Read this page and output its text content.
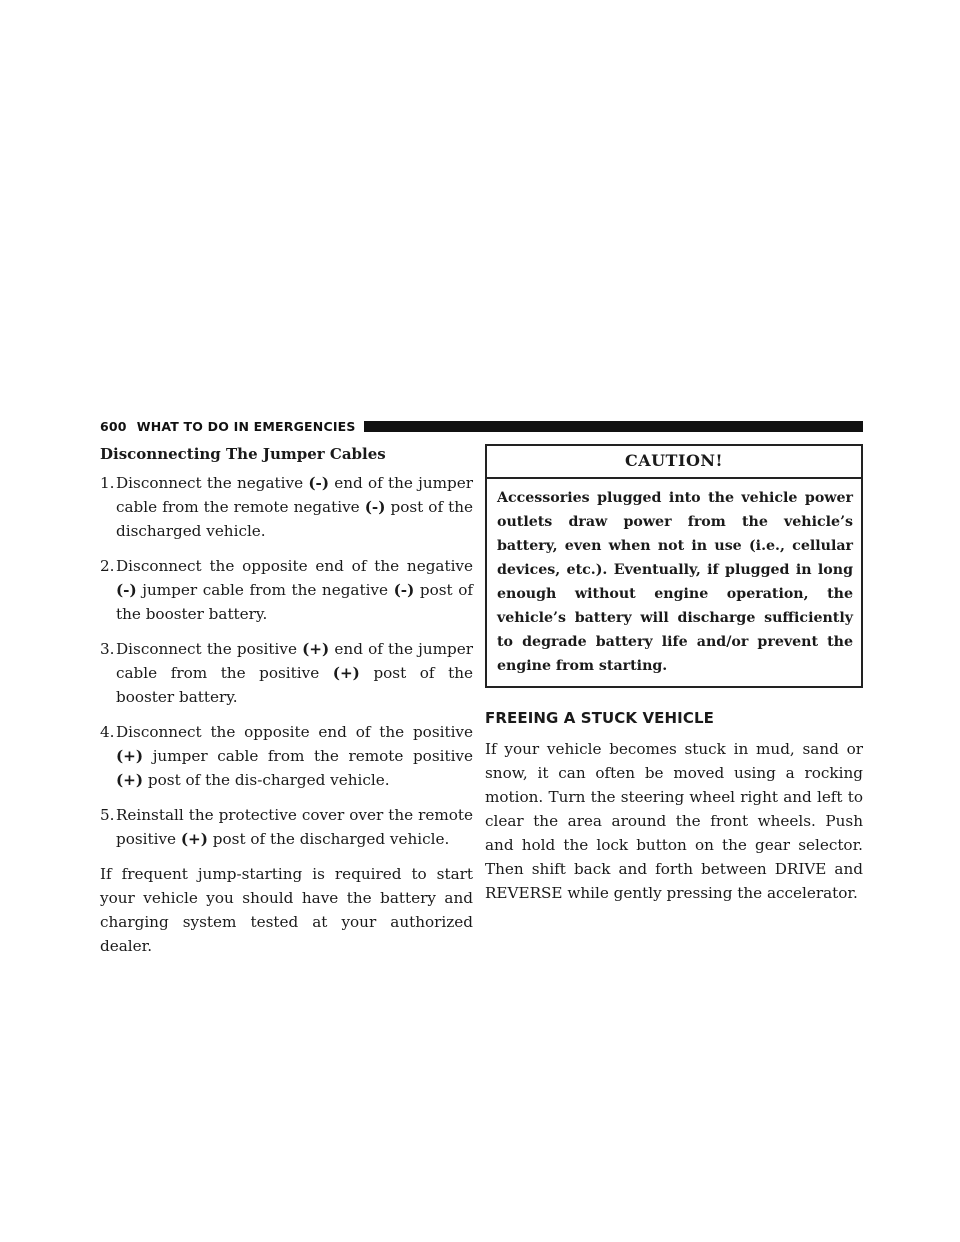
600 WHAT TO DO IN EMERGENCIES
Disconnecting The Jumper Cables
1. Disconnect the negative (-) end of the jumper cable from the remote negative (-) post of the discharged vehicle.
2. Disconnect the opposite end of the negative (-) jumper cable from the negative (-) post of the booster battery.
3. Disconnect the positive (+) end of the jumper cable from the positive (+) post of the booster battery.
4. Disconnect the opposite end of the positive (+) jumper cable from the remote positive (+) post of the dis-charged vehicle.
5. Reinstall the protective cover over the remote positive (+) post of the discharged vehicle.

If frequent jump-starting is required to start your vehicle you should have the battery and charging system tested at your authorized dealer.

CAUTION!
Accessories plugged into the vehicle power outlets draw power from the vehicle’s battery, even when not in use (i.e., cellular devices, etc.). Eventually, if plugged in long enough without engine operation, the vehicle’s battery will discharge sufficiently to degrade battery life and/or prevent the engine from starting.
FREEING A STUCK VEHICLE

If your vehicle becomes stuck in mud, sand or snow, it can often be moved using a rocking motion. Turn the steering wheel right and left to clear the area around the front wheels. Push and hold the lock button on the gear selector. Then shift back and forth between DRIVE and REVERSE while gently pressing the accelerator.
